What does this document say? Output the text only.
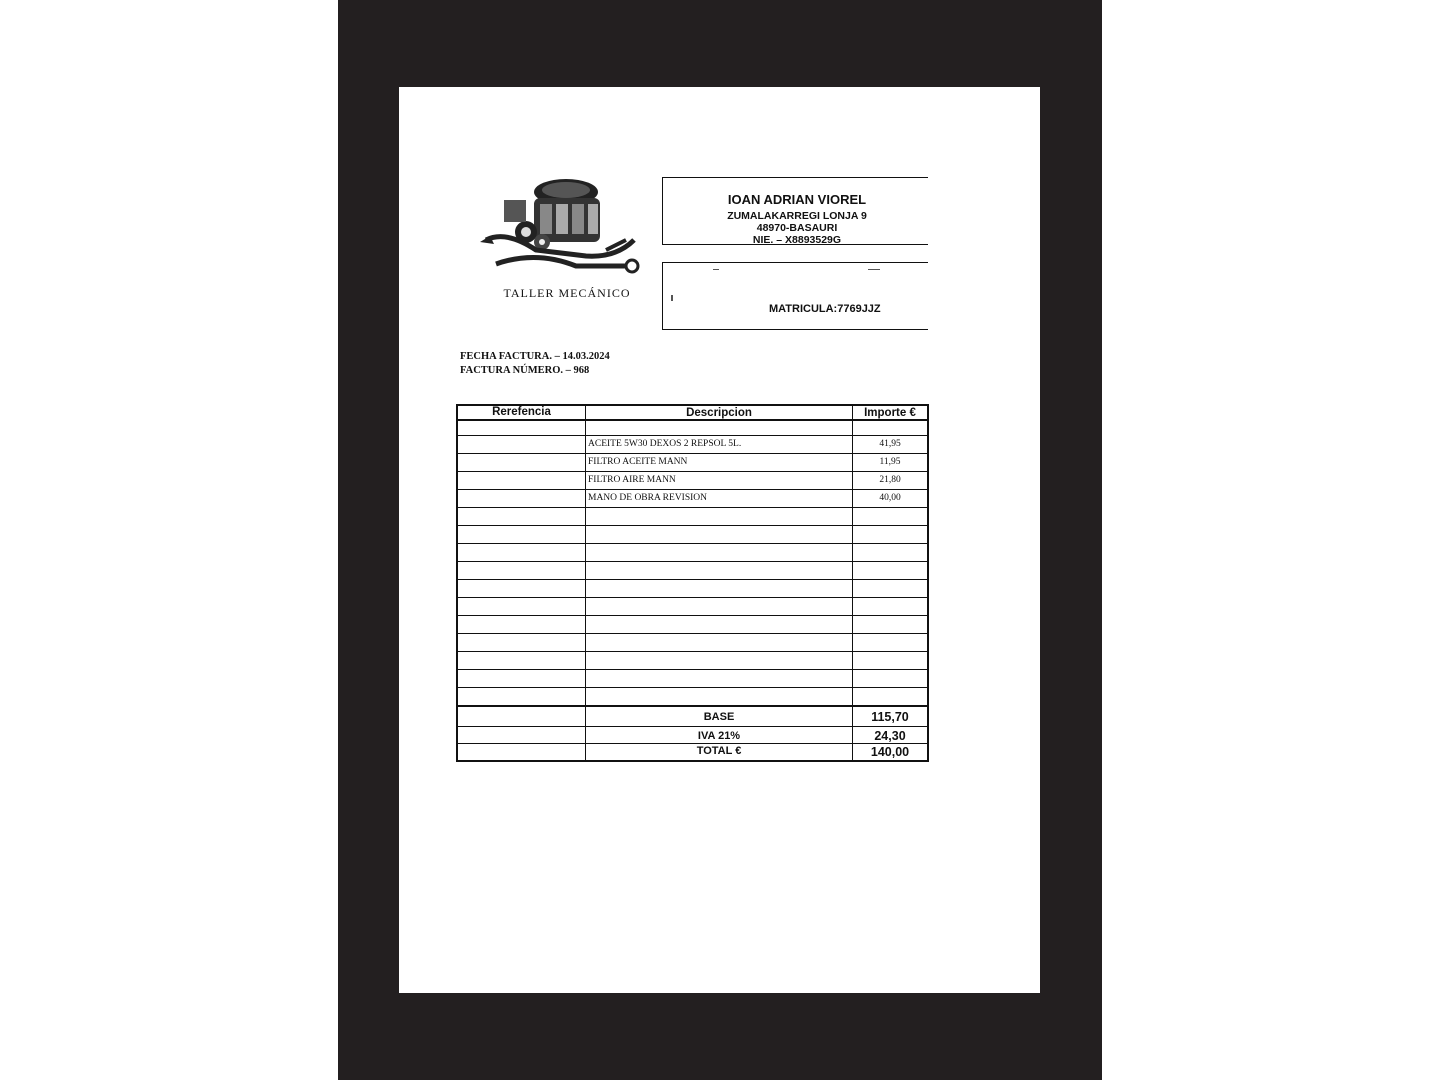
TALLER MECÁNICO
IOAN ADRIAN VIOREL
ZUMALAKARREGI LONJA 9
48970-BASAURI
NIE. – X8893529G
MATRICULA:7769JJZ
FECHA FACTURA. – 14.03.2024
FACTURA NÚMERO. – 968
Rerefencia	Descripcion	Importe €
ACEITE 5W30 DEXOS 2 REPSOL 5L.	41,95
FILTRO ACEITE MANN	11,95
FILTRO AIRE MANN	21,80
MANO DE OBRA REVISION	40,00
BASE	115,70
IVA 21%	24,30
TOTAL €	140,00
